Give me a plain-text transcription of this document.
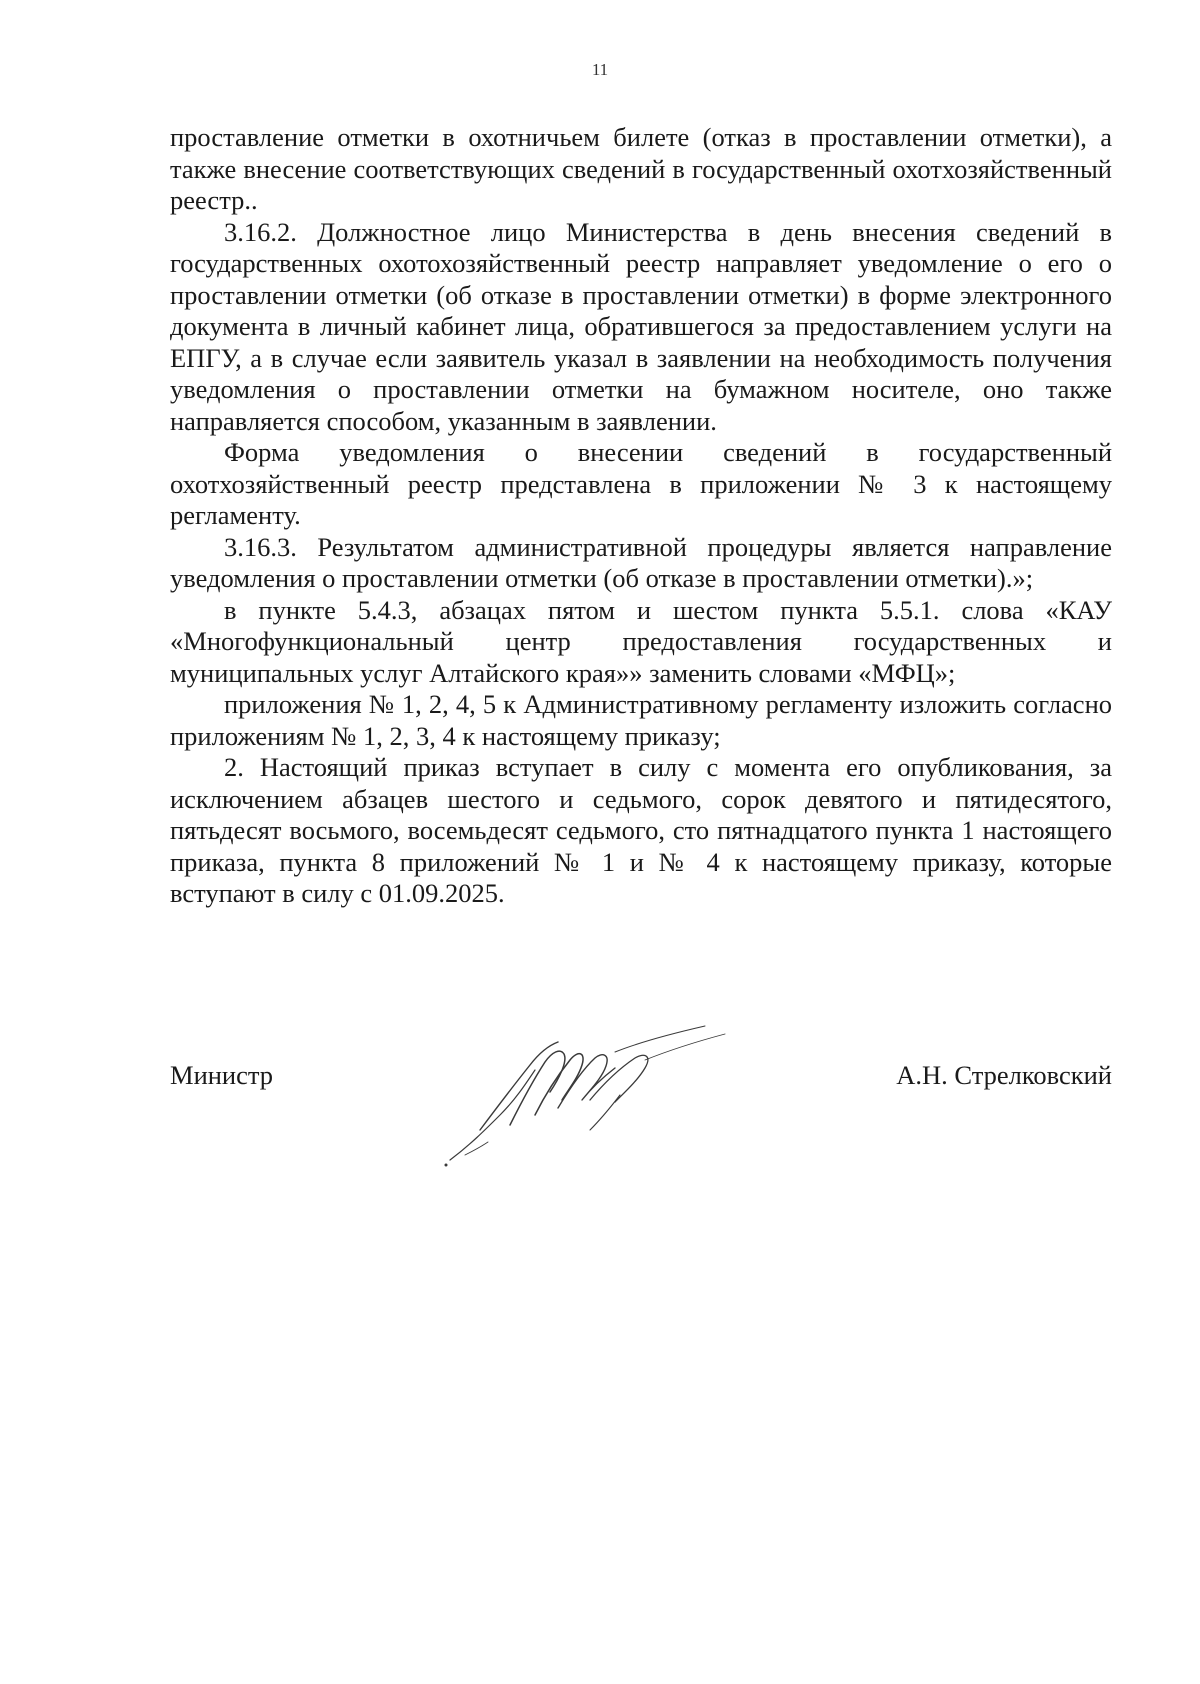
11

проставление отметки в охотничьем билете (отказ в проставлении отметки), а также внесение соответствующих сведений в государственный охотхозяйственный реестр..

3.16.2. Должностное лицо Министерства в день внесения сведений в государственных охотохозяйственный реестр направляет уведомление о его о проставлении отметки (об отказе в проставлении отметки) в форме электронного документа в личный кабинет лица, обратившегося за предоставлением услуги на ЕПГУ, а в случае если заявитель указал в заявлении на необходимость получения уведомления о проставлении отметки на бумажном носителе, оно также направляется способом, указанным в заявлении.

Форма уведомления о внесении сведений в государственный охотхозяйственный реестр представлена в приложении № 3 к настоящему регламенту.

3.16.3. Результатом административной процедуры является направление уведомления о проставлении отметки (об отказе в проставлении отметки).»;

в пункте 5.4.3, абзацах пятом и шестом пункта 5.5.1. слова «КАУ «Многофункциональный центр предоставления государственных и муниципальных услуг Алтайского края»» заменить словами «МФЦ»;

приложения № 1, 2, 4, 5 к Административному регламенту изложить согласно приложениям № 1, 2, 3, 4 к настоящему приказу;

2. Настоящий приказ вступает в силу с момента его опубликования, за исключением абзацев шестого и седьмого, сорок девятого и пятидесятого, пятьдесят восьмого, восемьдесят седьмого, сто пятнадцатого пункта 1 настоящего приказа, пункта 8 приложений № 1 и № 4 к настоящему приказу, которые вступают в силу с 01.09.2025.

Министр	А.Н. Стрелковский
